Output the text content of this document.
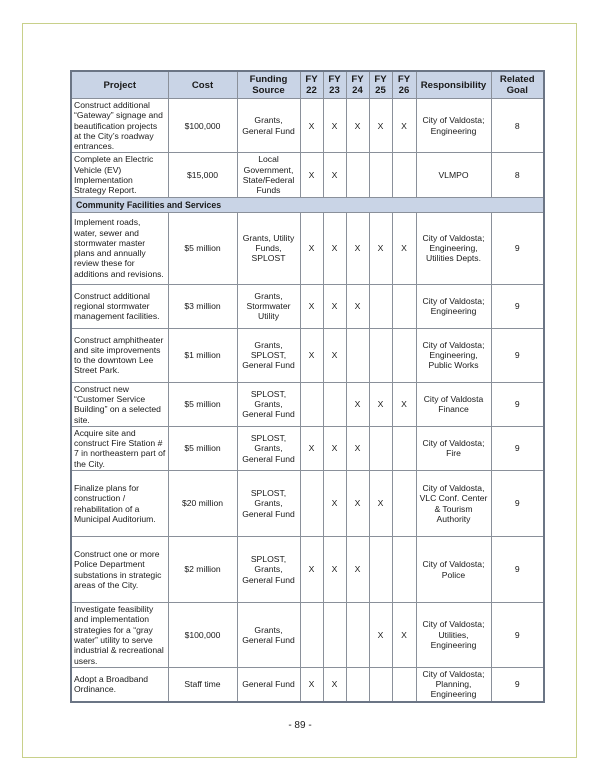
Project	Cost	Funding Source	FY 22	FY 23	FY 24	FY 25	FY 26	Responsibility	Related Goal
Construct additional “Gateway” signage and beautification projects at the City’s roadway entrances.	$100,000	Grants, General Fund	X	X	X	X	X	City of Valdosta; Engineering	8
Complete an Electric Vehicle (EV) Implementation Strategy Report.	$15,000	Local Government, State/Federal Funds	X	X				VLMPO	8
Community Facilities and Services									
Implement roads, water, sewer and stormwater master plans and annually review these for additions and revisions.	$5 million	Grants, Utility Funds, SPLOST	X	X	X	X	X	City of Valdosta; Engineering, Utilities Depts.	9
Construct additional regional stormwater management facilities.	$3 million	Grants, Stormwater Utility	X	X	X			City of Valdosta; Engineering	9
Construct amphitheater and site improvements to the downtown Lee Street Park.	$1 million	Grants, SPLOST, General Fund	X	X				City of Valdosta; Engineering, Public Works	9
Construct new “Customer Service Building” on a selected site.	$5 million	SPLOST, Grants, General Fund			X	X	X	City of Valdosta Finance	9
Acquire site and construct Fire Station # 7 in northeastern part of the City.	$5 million	SPLOST, Grants, General Fund	X	X	X			City of Valdosta; Fire	9
Finalize plans for construction / rehabilitation of a Municipal Auditorium.	$20 million	SPLOST, Grants, General Fund		X	X	X		City of Valdosta, VLC Conf. Center & Tourism Authority	9
Construct one or more Police Department substations in strategic areas of the City.	$2 million	SPLOST, Grants, General Fund	X	X	X			City of Valdosta; Police	9
Investigate feasibility and implementation strategies for a “gray water” utility to serve industrial & recreational users.	$100,000	Grants, General Fund				X	X	City of Valdosta; Utilities, Engineering	9
Adopt a Broadband Ordinance.	Staff time	General Fund	X	X				City of Valdosta; Planning, Engineering	9
- 89 -
